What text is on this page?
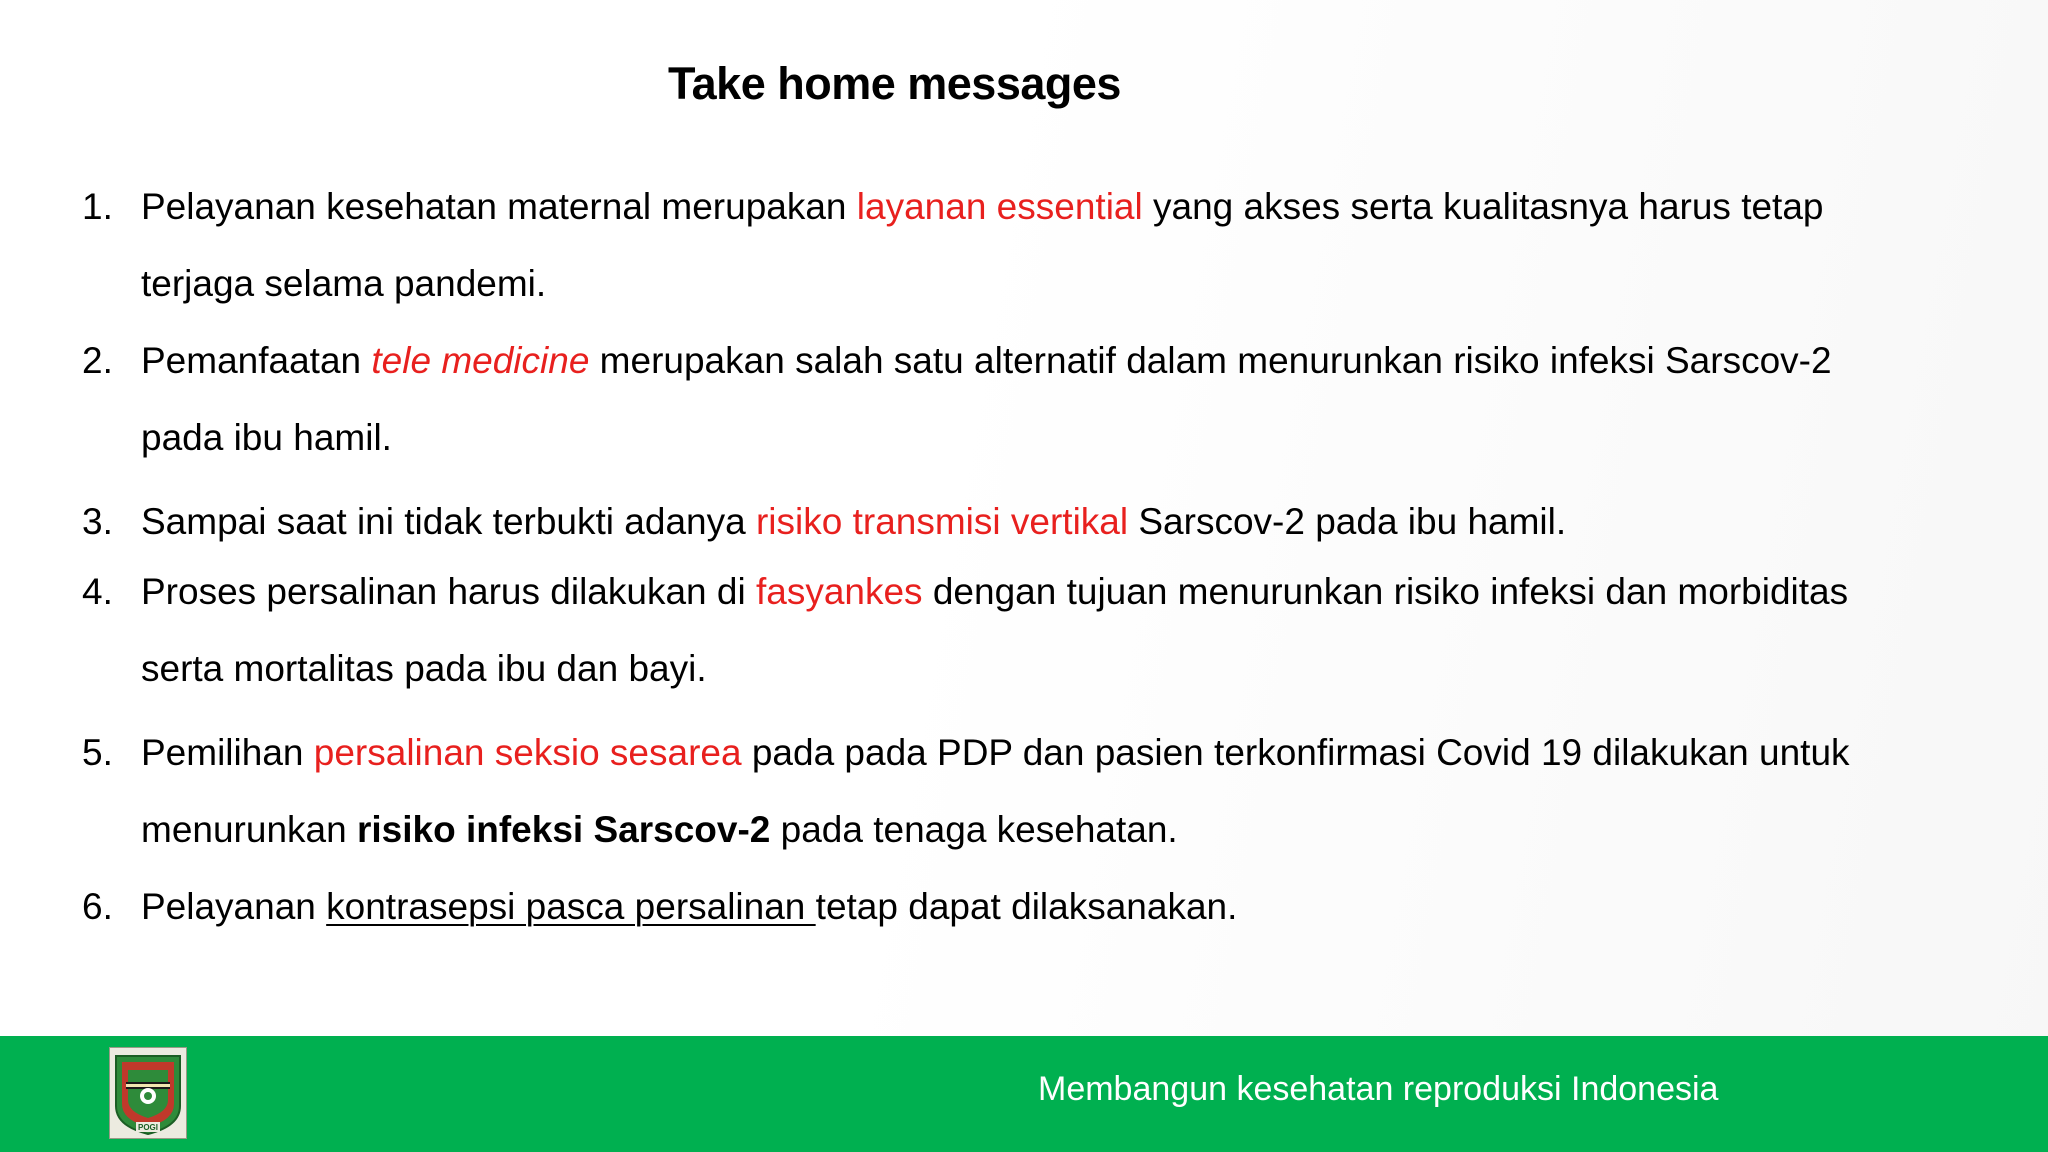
Take home messages
1. Pelayanan kesehatan maternal merupakan layanan essential yang akses serta kualitasnya harus tetap
terjaga selama pandemi.
2. Pemanfaatan tele medicine merupakan salah satu alternatif dalam menurunkan risiko infeksi Sarscov-2
pada ibu hamil.
3. Sampai saat ini tidak terbukti adanya risiko transmisi vertikal Sarscov-2 pada ibu hamil.
4. Proses persalinan harus dilakukan di fasyankes dengan tujuan menurunkan risiko infeksi dan morbiditas
serta mortalitas pada ibu dan bayi.
5. Pemilihan persalinan seksio sesarea pada pada PDP dan pasien terkonfirmasi Covid 19 dilakukan untuk
menurunkan risiko infeksi Sarscov-2 pada tenaga kesehatan.
6. Pelayanan kontrasepsi pasca persalinan tetap dapat dilaksanakan.
POGI
Membangun kesehatan reproduksi Indonesia
